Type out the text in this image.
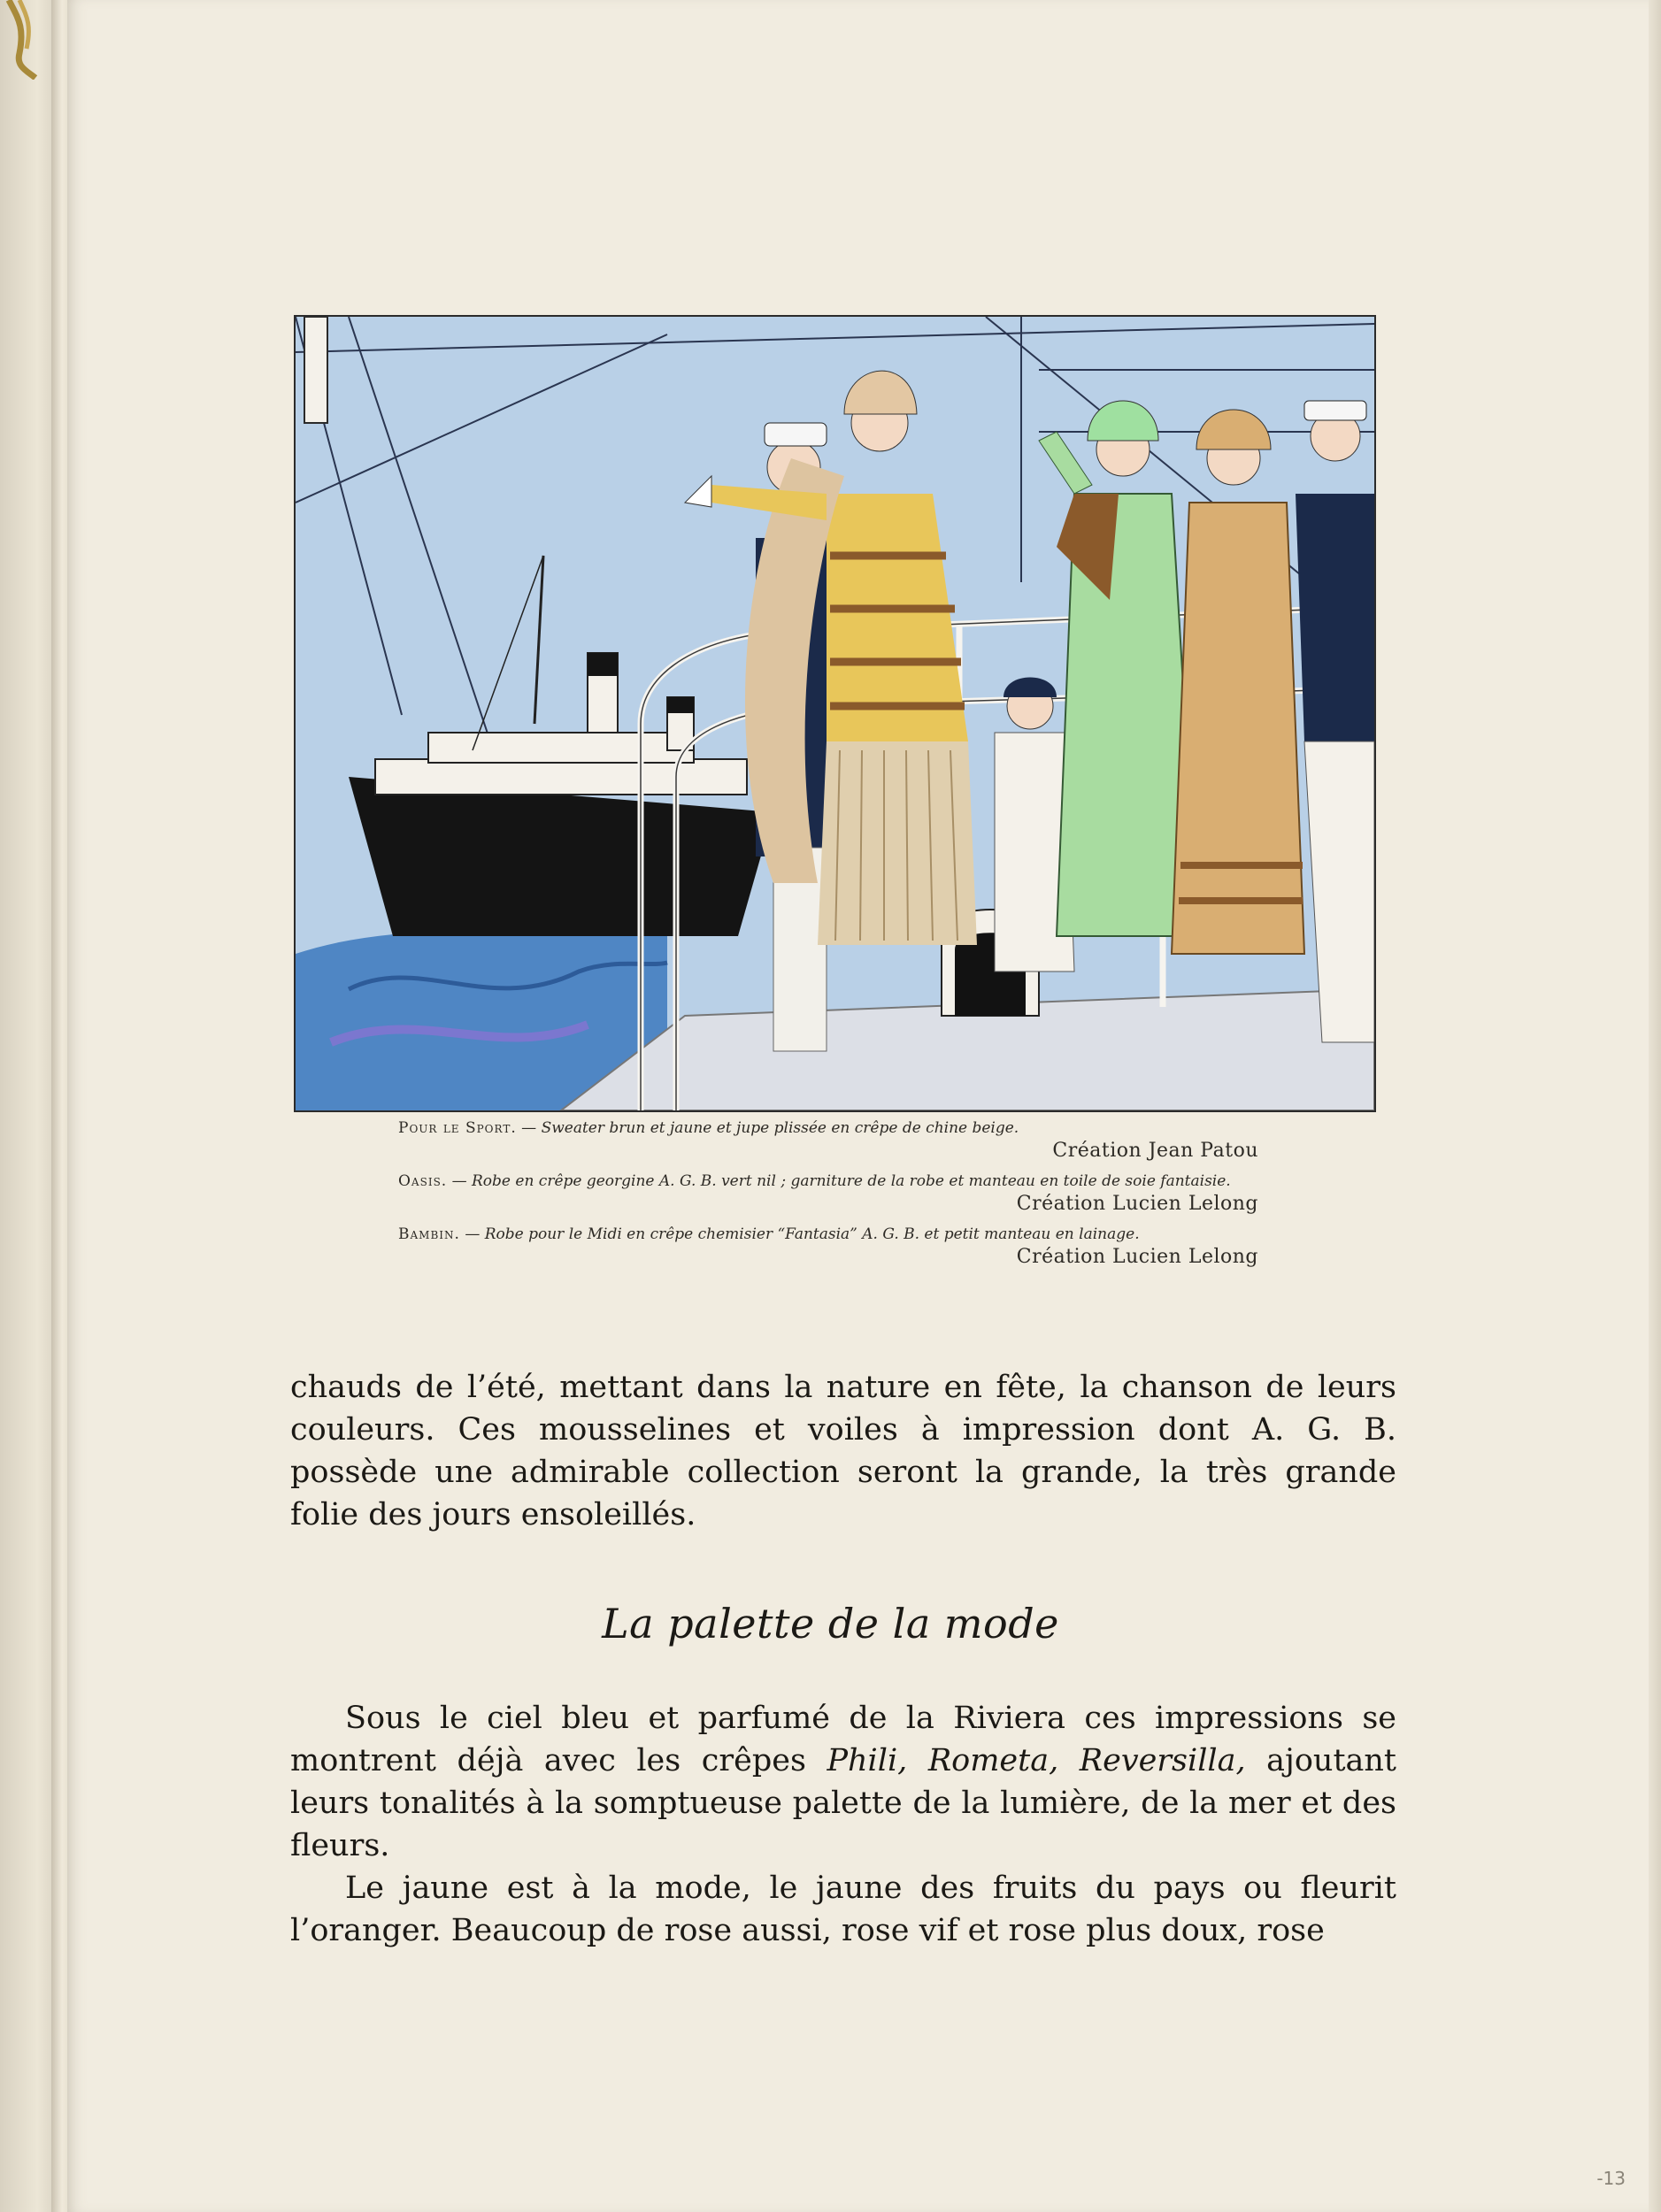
Pour le Sport. — Sweater brun et jaune et jupe plissée en crêpe de chine beige.
Création Jean Patou
Oasis. — Robe en crêpe georgine A. G. B. vert nil ; garniture de la robe et manteau en toile de soie fantaisie.
Création Lucien Lelong
Bambin. — Robe pour le Midi en crêpe chemisier “Fantasia” A. G. B. et petit manteau en lainage.
Création Lucien Lelong

chauds de l’été, mettant dans la nature en fête, la chanson de leurs couleurs. Ces mousselines et voiles à impression dont A. G. B. possède une admirable collection seront la grande, la très grande folie des jours ensoleillés.

La palette de la mode

Sous le ciel bleu et parfumé de la Riviera ces impressions se montrent déjà avec les crêpes Phili, Rometa, Reversilla, ajoutant leurs tonalités à la somptueuse palette de la lumière, de la mer et des fleurs.

Le jaune est à la mode, le jaune des fruits du pays ou fleurit l’oranger. Beaucoup de rose aussi, rose vif et rose plus doux, rose

-13
